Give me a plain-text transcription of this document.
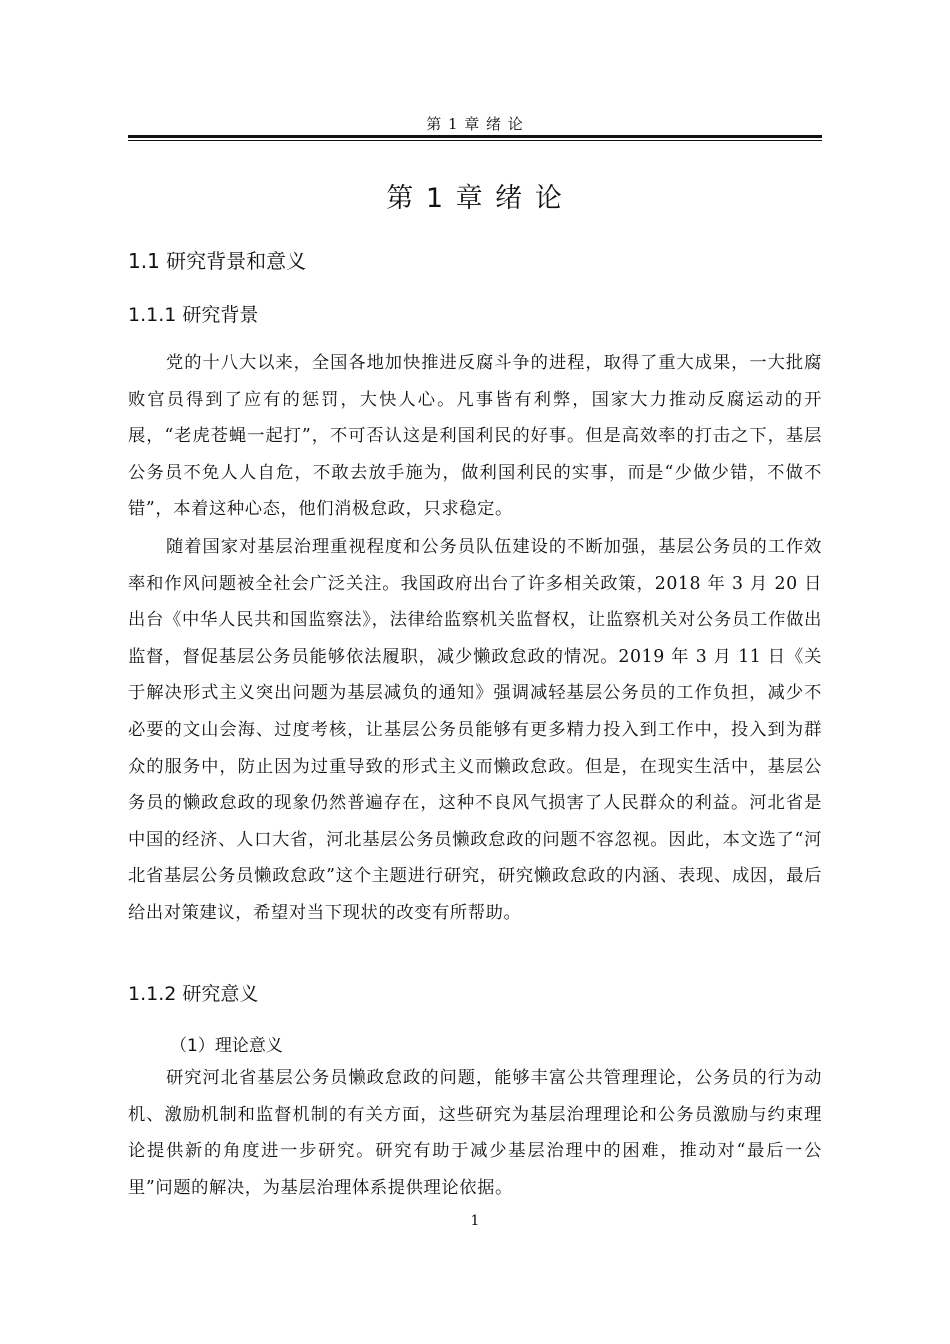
第 1 章 绪 论
第 1 章 绪 论
1.1 研究背景和意义
1.1.1 研究背景

党的十八大以来，全国各地加快推进反腐斗争的进程，取得了重大成果，一大批腐败官员得到了应有的惩罚，大快人心。凡事皆有利弊，国家大力推动反腐运动的开展，“老虎苍蝇一起打”，不可否认这是利国利民的好事。但是高效率的打击之下，基层公务员不免人人自危，不敢去放手施为，做利国利民的实事，而是“少做少错，不做不错”，本着这种心态，他们消极怠政，只求稳定。

随着国家对基层治理重视程度和公务员队伍建设的不断加强，基层公务员的工作效率和作风问题被全社会广泛关注。我国政府出台了许多相关政策，2018 年 3 月 20 日出台《中华人民共和国监察法》，法律给监察机关监督权，让监察机关对公务员工作做出监督，督促基层公务员能够依法履职，减少懒政怠政的情况。2019 年 3 月 11 日《关于解决形式主义突出问题为基层减负的通知》强调减轻基层公务员的工作负担，减少不必要的文山会海、过度考核，让基层公务员能够有更多精力投入到工作中，投入到为群众的服务中，防止因为过重导致的形式主义而懒政怠政。但是，在现实生活中，基层公务员的懒政怠政的现象仍然普遍存在，这种不良风气损害了人民群众的利益。河北省是中国的经济、人口大省，河北基层公务员懒政怠政的问题不容忽视。因此，本文选了“河北省基层公务员懒政怠政”这个主题进行研究，研究懒政怠政的内涵、表现、成因，最后给出对策建议，希望对当下现状的改变有所帮助。

1.1.2 研究意义
（1）理论意义

研究河北省基层公务员懒政怠政的问题，能够丰富公共管理理论，公务员的行为动机、激励机制和监督机制的有关方面，这些研究为基层治理理论和公务员激励与约束理论提供新的角度进一步研究。研究有助于减少基层治理中的困难，推动对“最后一公里”问题的解决，为基层治理体系提供理论依据。

1
